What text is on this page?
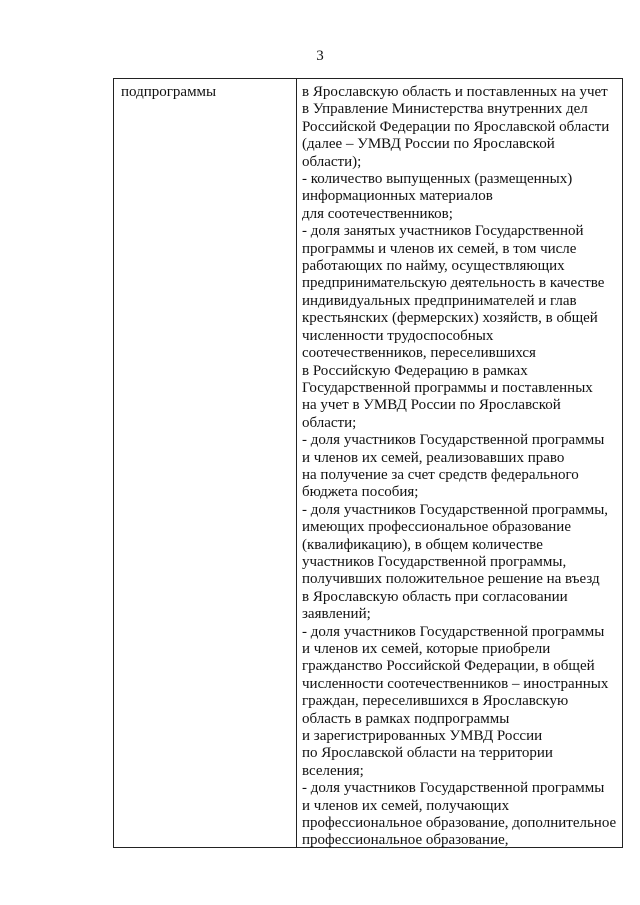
3
подпрограммы	в Ярославскую область и поставленных на учет
в Управление Министерства внутренних дел
Российской Федерации по Ярославской области
(далее – УМВД России по Ярославской
области);
- количество выпущенных (размещенных)
информационных материалов
для соотечественников;
- доля занятых участников Государственной
программы и членов их семей, в том числе
работающих по найму, осуществляющих
предпринимательскую деятельность в качестве
индивидуальных предпринимателей и глав
крестьянских (фермерских) хозяйств, в общей
численности трудоспособных
соотечественников, переселившихся
в Российскую Федерацию в рамках
Государственной программы и поставленных
на учет в УМВД России по Ярославской
области;
- доля участников Государственной программы
и членов их семей, реализовавших право
на получение за счет средств федерального
бюджета пособия;
- доля участников Государственной программы,
имеющих профессиональное образование
(квалификацию), в общем количестве
участников Государственной программы,
получивших положительное решение на въезд
в Ярославскую область при согласовании
заявлений;
- доля участников Государственной программы
и членов их семей, которые приобрели
гражданство Российской Федерации, в общей
численности соотечественников – иностранных
граждан, переселившихся в Ярославскую
область в рамках подпрограммы
и зарегистрированных УМВД России
по Ярославской области на территории
вселения;
- доля участников Государственной программы
и членов их семей, получающих
профессиональное образование, дополнительное
профессиональное образование,
